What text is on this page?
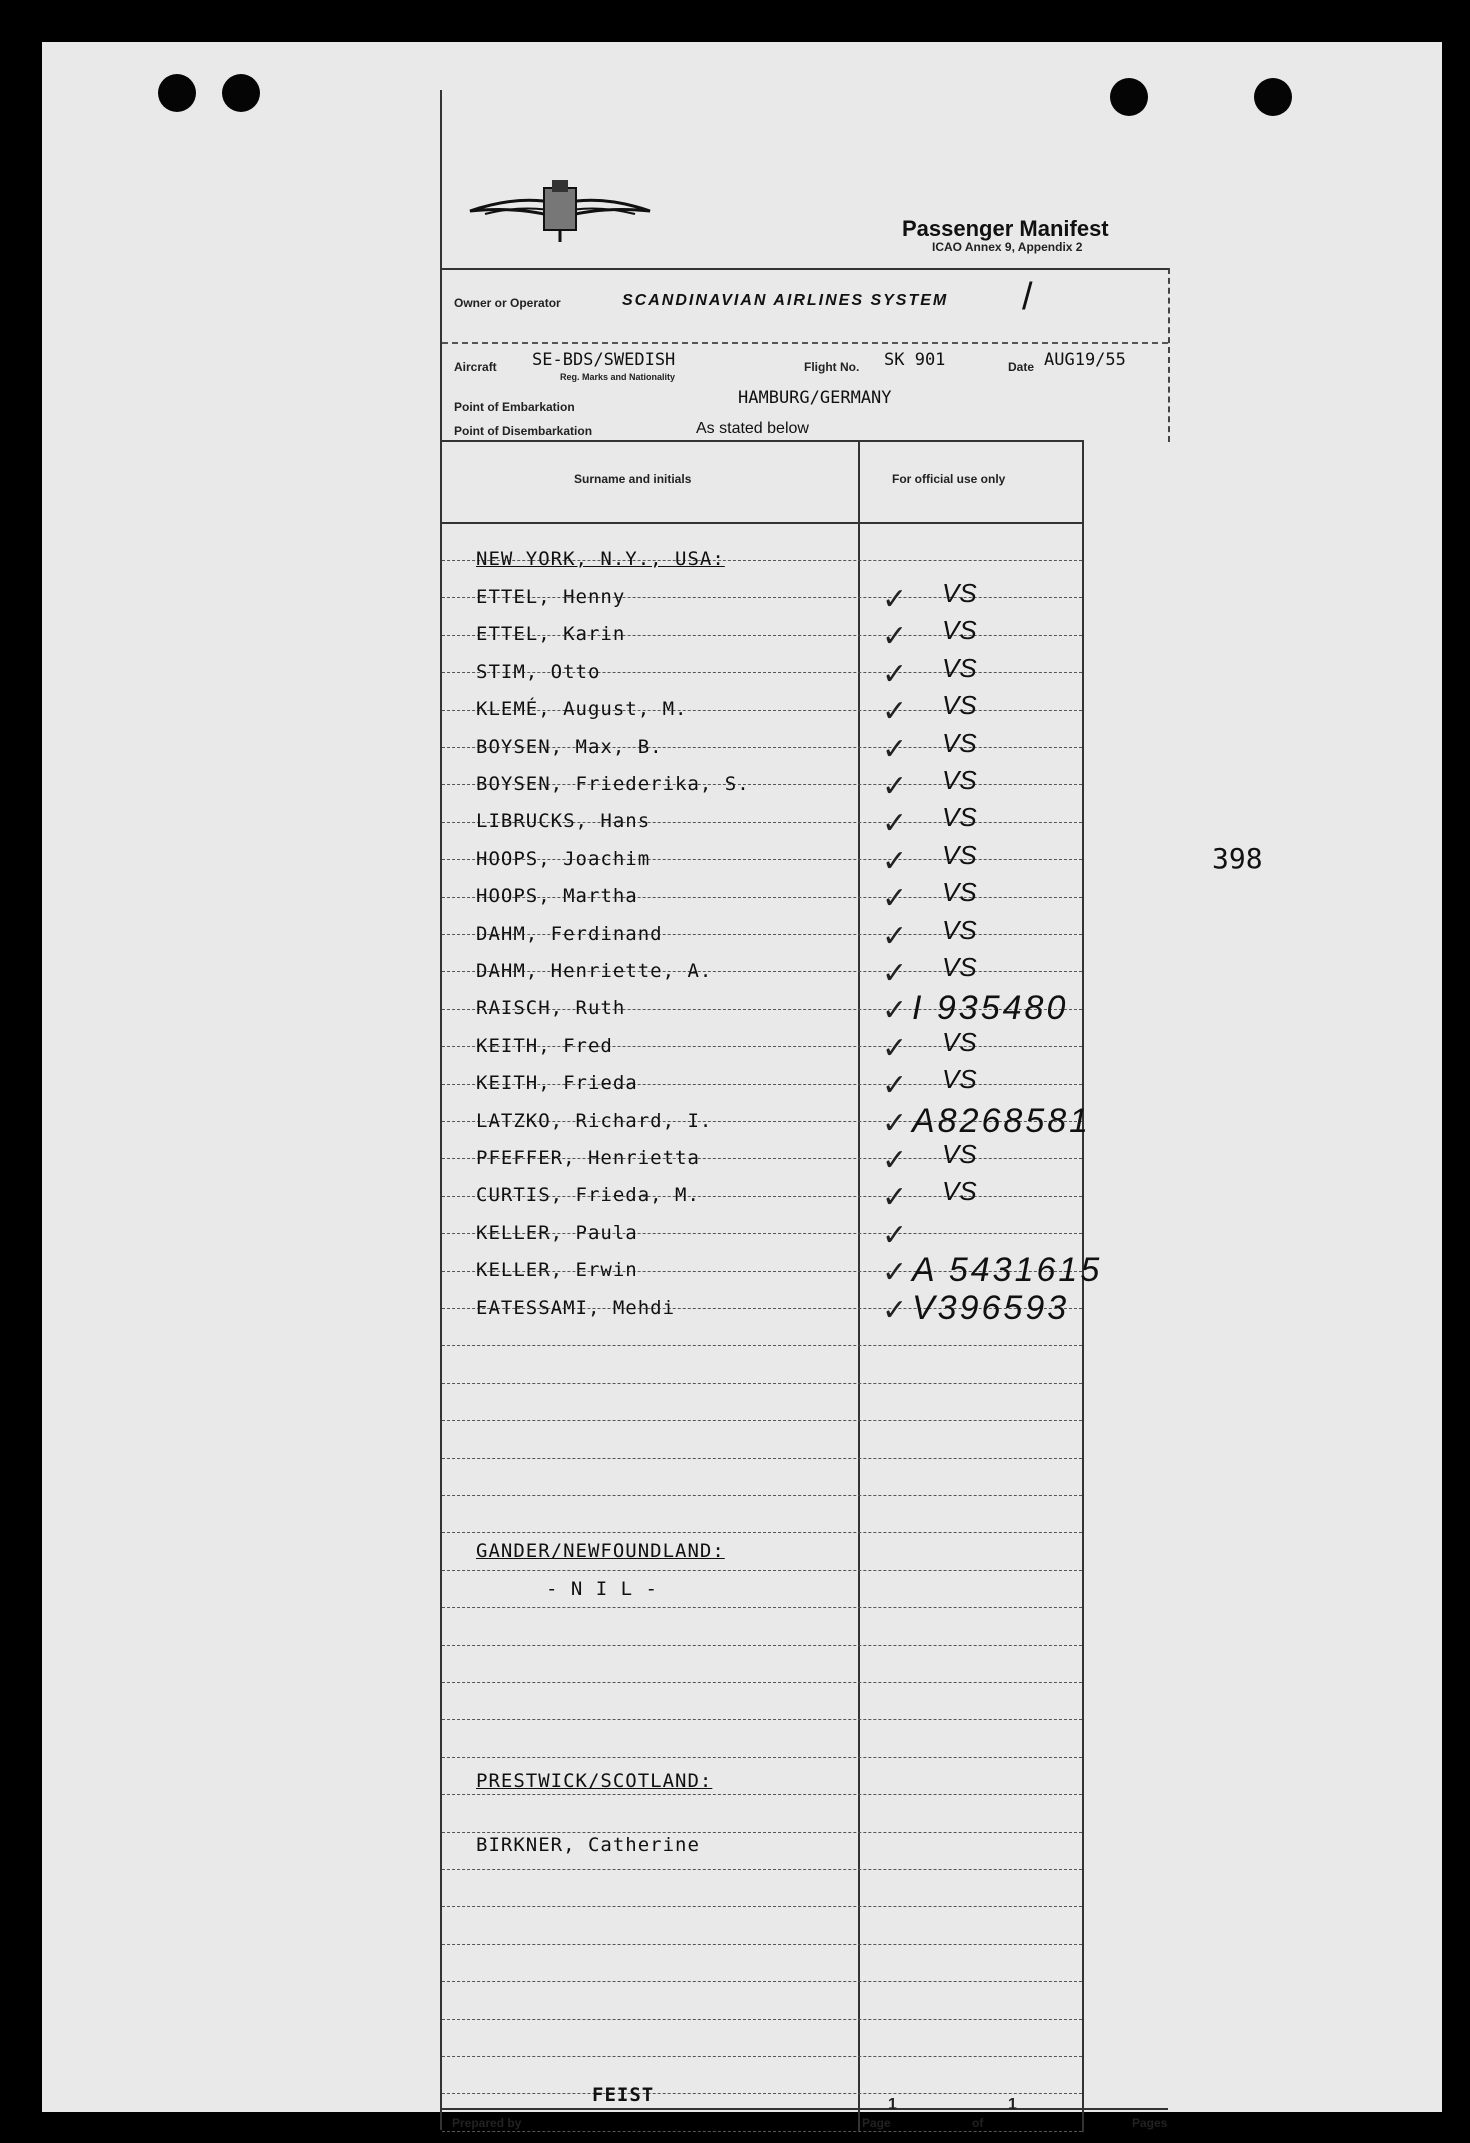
398
Passenger Manifest
ICAO Annex 9, Appendix 2
Owner or Operator	SCANDINAVIAN AIRLINES SYSTEM /
Aircraft SE-BDS/SWEDISH
Reg. Marks and Nationality
Flight No. SK 901	Date AUG19/55
Point of Embarkation	HAMBURG/GERMANY
Point of Disembarkation	As stated below
Surname and initials	For official use only
NEW YORK, N.Y., USA:
ETTEL, Henny	✓ VS
ETTEL, Karin	✓ VS
STIM, Otto	✓ VS
KLEMÉ, August, M.	✓ VS
BOYSEN, Max, B.	✓ VS
BOYSEN, Friederika, S.	✓ VS
LIBRUCKS, Hans	✓ VS
HOOPS, Joachim	✓ VS
HOOPS, Martha	✓ VS
DAHM, Ferdinand	✓ VS
DAHM, Henriette, A.	✓ VS
RAISCH, Ruth	✓ I 935480
KEITH, Fred	✓ VS
KEITH, Frieda	✓ VS
LATZKO, Richard, I.	✓ A8268581
PFEFFER, Henrietta	✓ VS
CURTIS, Frieda, M.	✓ VS
KELLER, Paula	✓
KELLER, Erwin	✓ A 5431615
EATESSAMI, Mehdi	✓ V396593
GANDER/NEWFOUNDLAND:
- N I L -
PRESTWICK/SCOTLAND:
BIRKNER, Catherine
FEIST
Prepared by	Page
1
of
1
Pages
